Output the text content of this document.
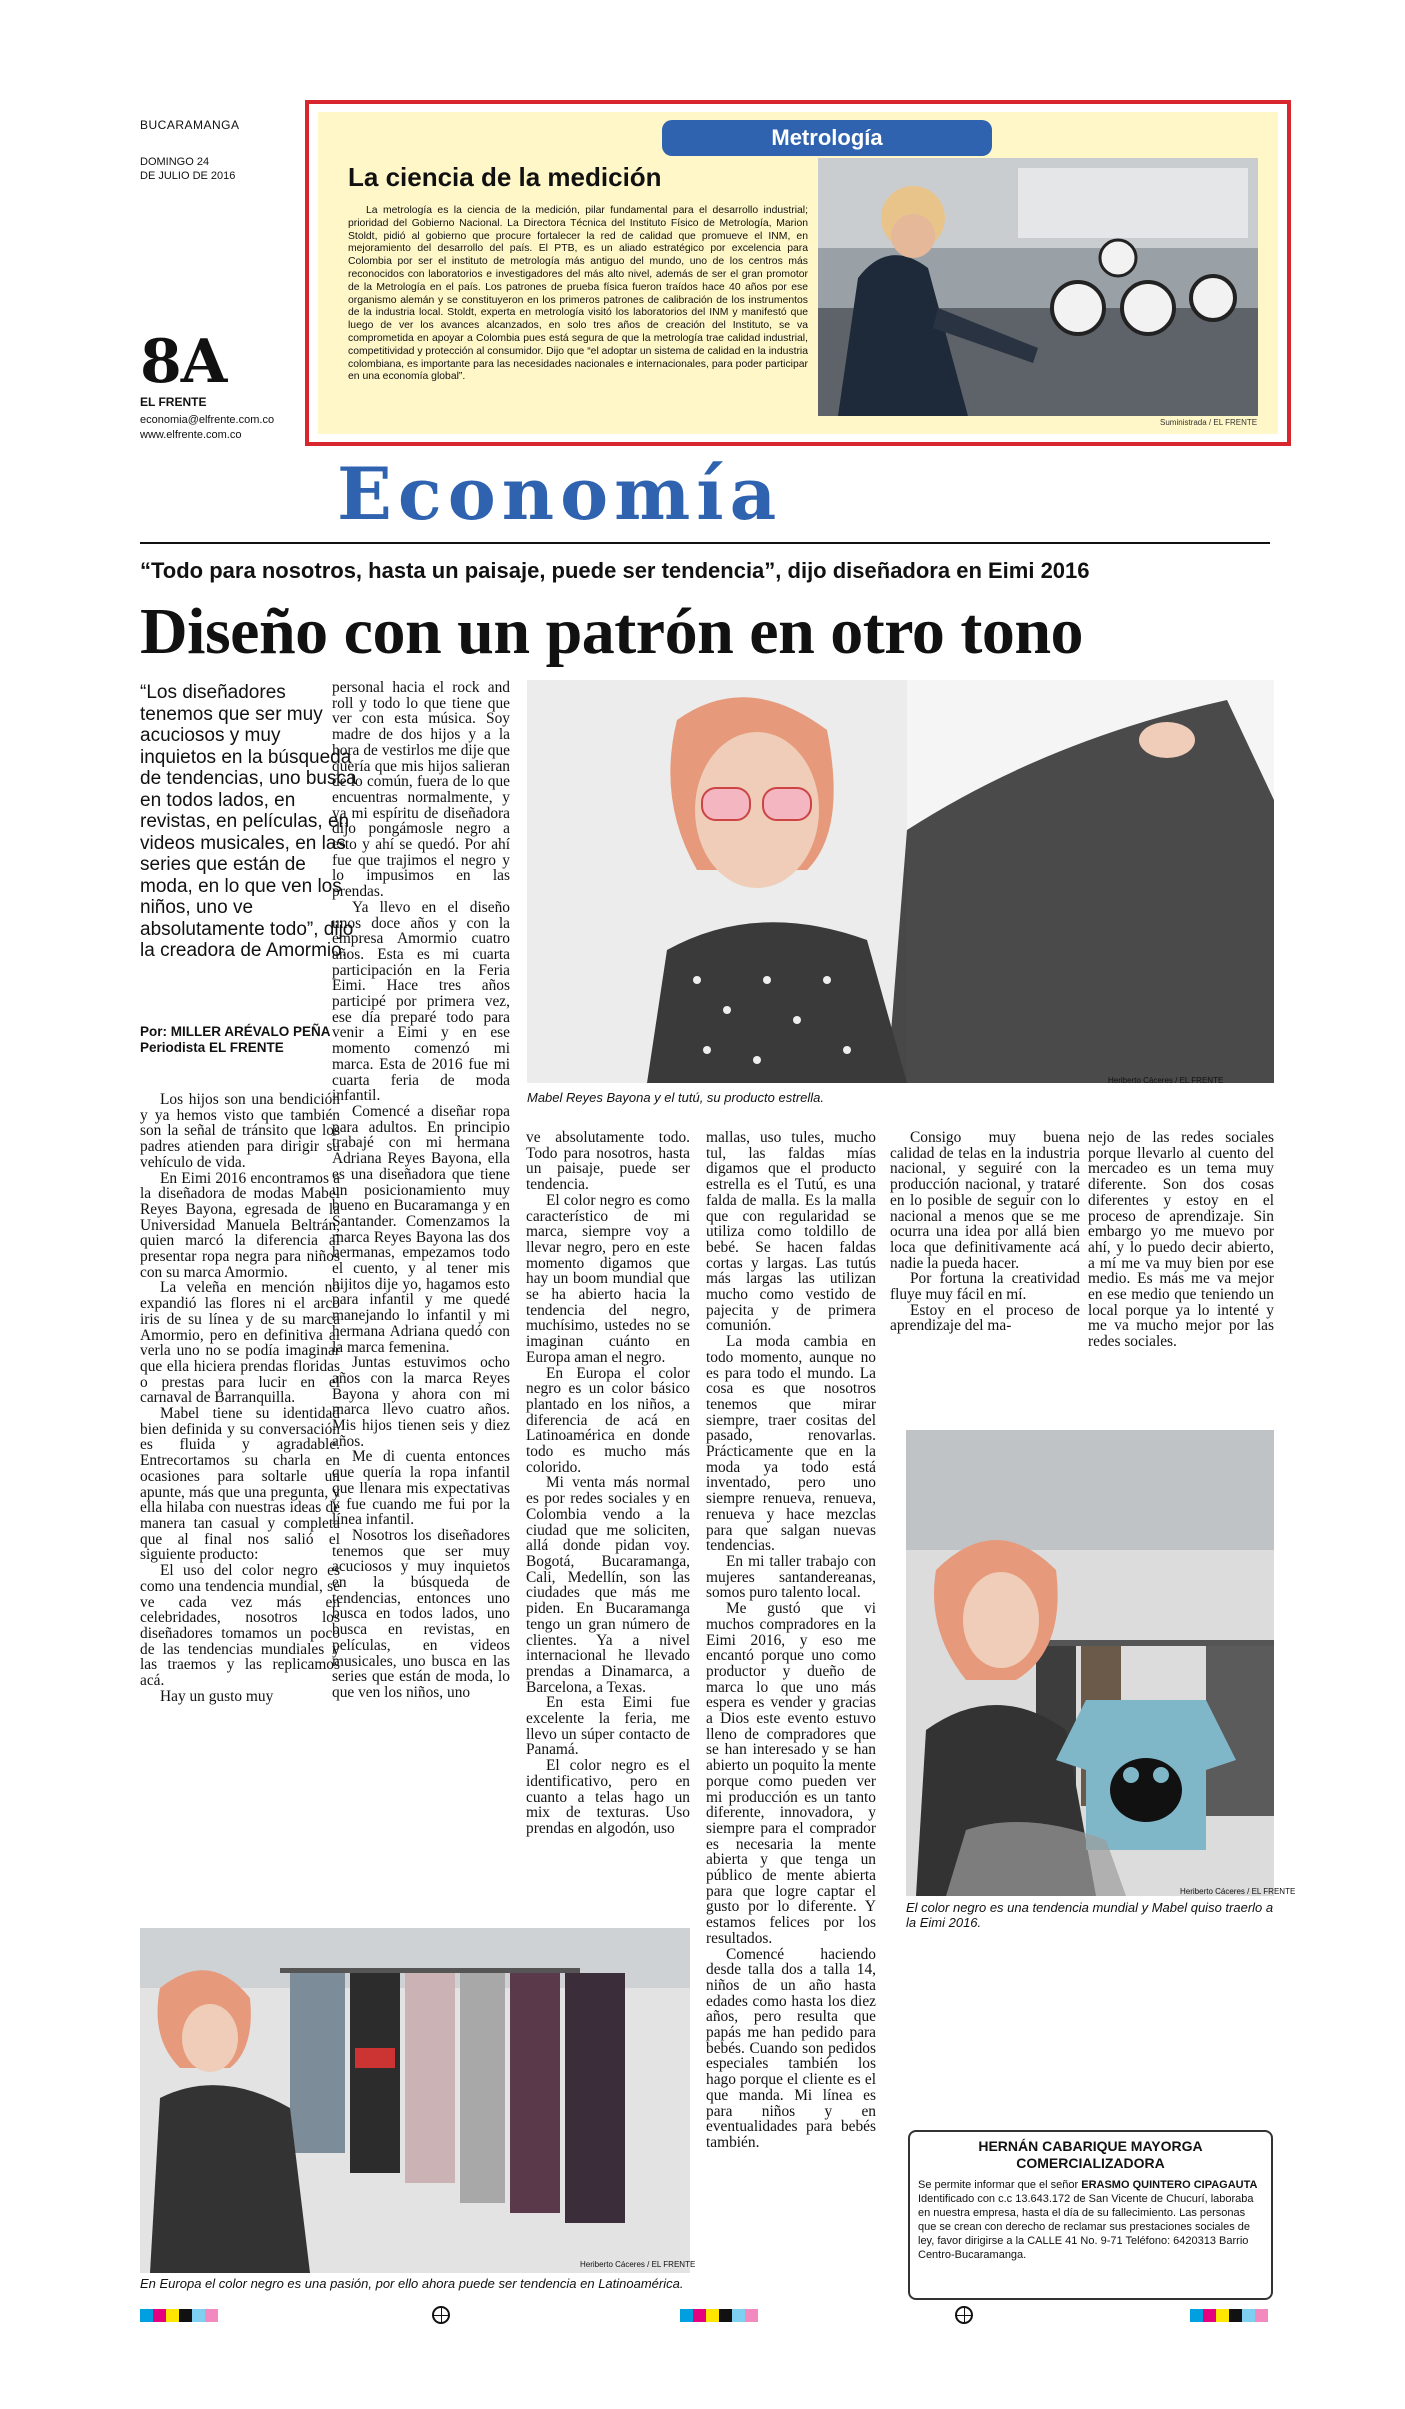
BUCARAMANGA
DOMINGO 24
DE JULIO DE 2016
8A
EL FRENTE
economia@elfrente.com.co
www.elfrente.com.co
Metrología
La ciencia de la medición
La metrología es la ciencia de la medición, pilar fundamental para el desarrollo industrial; prioridad del Gobierno Nacional. La Directora Técnica del Instituto Físico de Metrología, Marion Stoldt, pidió al gobierno que procure fortalecer la red de calidad que promueve el INM, en mejoramiento del desarrollo del país. El PTB, es un aliado estratégico por excelencia para Colombia por ser el instituto de metrología más antiguo del mundo, uno de los centros más reconocidos con laboratorios e investigadores del más alto nivel, además de ser el gran promotor de la Metrología en el país. Los patrones de prueba física fueron traídos hace 40 años por ese organismo alemán y se constituyeron en los primeros patrones de calibración de los instrumentos de la industria local. Stoldt, experta en metrología visitó los laboratorios del INM y manifestó que luego de ver los avances alcanzados, en solo tres años de creación del Instituto, se va comprometida en apoyar a Colombia pues está segura de que la metrología trae calidad industrial, competitividad y protección al consumidor. Dijo que “el adoptar un sistema de calidad en la industria colombiana, es importante para las necesidades nacionales e internacionales, para poder participar en una economía global”.
Suministrada / EL FRENTE
Economía
“Todo para nosotros, hasta un paisaje, puede ser tendencia”, dijo diseñadora en Eimi 2016
Diseño con un patrón en otro tono
“Los diseñadores tenemos que ser muy acuciosos y muy inquietos en la búsqueda de tendencias, uno busca en todos lados, en revistas, en películas, en videos musicales, en las series que están de moda, en lo que ven los niños, uno ve absolutamente todo”, dijo la creadora de Amormio.
Por: MILLER ARÉVALO PEÑA
Periodista EL FRENTE

Los hijos son una bendición y ya hemos visto que también son la señal de tránsito que los padres atienden para dirigir su vehículo de vida.

En Eimi 2016 encontramos a la diseñadora de modas Mabel Reyes Bayona, egresada de la Universidad Manuela Beltrán, quien marcó la diferencia al presentar ropa negra para niños con su marca Amormio.

La veleña en mención no expandió las flores ni el arco iris de su línea y de su marca Amormio, pero en definitiva al verla uno no se podía imaginar que ella hiciera prendas floridas o prestas para lucir en el carnaval de Barranquilla.

Mabel tiene su identidad bien definida y su conversación es fluida y agradable. Entrecortamos su charla en ocasiones para soltarle un apunte, más que una pregunta, y ella hilaba con nuestras ideas de manera tan casual y completa que al final nos salió el siguiente producto:

El uso del color negro es como una tendencia mundial, se ve cada vez más en celebridades, nosotros los diseñadores tomamos un poco de las tendencias mundiales y las traemos y las replicamos acá.

Hay un gusto muy

personal hacia el rock and roll y todo lo que tiene que ver con esta música. Soy madre de dos hijos y a la hora de vestirlos me dije que quería que mis hijos salieran de lo común, fuera de lo que encuentras normalmente, y ya mi espíritu de diseñadora dijo pongámosle negro a esto y ahí se quedó. Por ahí fue que trajimos el negro y lo impusimos en las prendas.

Ya llevo en el diseño unos doce años y con la empresa Amormio cuatro años. Esta es mi cuarta participación en la Feria Eimi. Hace tres años participé por primera vez, ese día preparé todo para venir a Eimi y en ese momento comenzó mi marca. Esta de 2016 fue mi cuarta feria de moda infantil.

Comencé a diseñar ropa para adultos. En principio trabajé con mi hermana Adriana Reyes Bayona, ella es una diseñadora que tiene un posicionamiento muy bueno en Bucaramanga y en Santander. Comenzamos la marca Reyes Bayona las dos hermanas, empezamos todo el cuento, y al tener mis hijitos dije yo, hagamos esto para infantil y me quedé manejando lo infantil y mi hermana Adriana quedó con la marca femenina.

Juntas estuvimos ocho años con la marca Reyes Bayona y ahora con mi marca llevo cuatro años. Mis hijos tienen seis y diez años.

Me di cuenta entonces que quería la ropa infantil que llenara mis expectativas y fue cuando me fui por la línea infantil.

Nosotros los diseñadores tenemos que ser muy acuciosos y muy inquietos en la búsqueda de tendencias, entonces uno busca en todos lados, uno busca en revistas, en películas, en videos musicales, uno busca en las series que están de moda, lo que ven los niños, uno

ve absolutamente todo. Todo para nosotros, hasta un paisaje, puede ser tendencia.

El color negro es como característico de mi marca, siempre voy a llevar negro, pero en este momento digamos que hay un boom mundial que se ha abierto hacia la tendencia del negro, muchísimo, ustedes no se imaginan cuánto en Europa aman el negro.

En Europa el color negro es un color básico plantado en los niños, a diferencia de acá en Latinoamérica en donde todo es mucho más colorido.

Mi venta más normal es por redes sociales y en Colombia vendo a la ciudad que me soliciten, allá donde pidan voy. Bogotá, Bucaramanga, Cali, Medellín, son las ciudades que más me piden. En Bucaramanga tengo un gran número de clientes. Ya a nivel internacional he llevado prendas a Dinamarca, a Barcelona, a Texas.

En esta Eimi fue excelente la feria, me llevo un súper contacto de Panamá.

El color negro es el identificativo, pero en cuanto a telas hago un mix de texturas. Uso prendas en algodón, uso

mallas, uso tules, mucho tul, las faldas mías digamos que el producto estrella es el Tutú, es una falda de malla. Es la malla que con regularidad se utiliza como toldillo de bebé. Se hacen faldas cortas y largas. Las tutús más largas las utilizan mucho como vestido de pajecita y de primera comunión.

La moda cambia en todo momento, aunque no es para todo el mundo. La cosa es que nosotros tenemos que mirar siempre, traer cositas del pasado, renovarlas. Prácticamente que en la moda ya todo está inventado, pero uno siempre renueva, renueva, renueva y hace mezclas para que salgan nuevas tendencias.

En mi taller trabajo con mujeres santandereanas, somos puro talento local.

Me gustó que vi muchos compradores en la Eimi 2016, y eso me encantó porque uno como productor y dueño de marca lo que uno más espera es vender y gracias a Dios este evento estuvo lleno de compradores que se han interesado y se han abierto un poquito la mente porque como pueden ver mi producción es un tanto diferente, innovadora, y siempre para el comprador es necesaria la mente abierta y que tenga un público de mente abierta para que logre captar el gusto por lo diferente. Y estamos felices por los resultados.

Comencé haciendo desde talla dos a talla 14, niños de un año hasta edades como hasta los diez años, pero resulta que papás me han pedido para bebés. Cuando son pedidos especiales también los hago porque el cliente es el que manda. Mi línea es para niños y en eventualidades para bebés también.

Consigo muy buena calidad de telas en la industria nacional, y seguiré con la producción nacional, y trataré en lo posible de seguir con lo nacional a menos que se me ocurra una idea por allá bien loca que definitivamente acá nadie la pueda hacer.

Por fortuna la creatividad fluye muy fácil en mí.

Estoy en el proceso de aprendizaje del ma-

nejo de las redes sociales porque llevarlo al cuento del mercadeo es un tema muy diferente. Son dos cosas diferentes y estoy en el proceso de aprendizaje. Sin embargo yo me muevo por ahí, y lo puedo decir abierto, a mí me va muy bien por ese medio. Es más me va mejor en ese medio que teniendo un local porque ya lo intenté y me va mucho mejor por las redes sociales.

Heriberto Cáceres / EL FRENTE
Mabel Reyes Bayona y el tutú, su producto estrella.
Heriberto Cáceres / EL FRENTE
El color negro es una tendencia mundial y Mabel quiso traerlo a la Eimi 2016.
Heriberto Cáceres / EL FRENTE
En Europa el color negro es una pasión, por ello ahora puede ser tendencia en Latinoamérica.
HERNÁN CABARIQUE MAYORGA
COMERCIALIZADORA
Se permite informar que el señor ERASMO QUINTERO CIPAGAUTA Identificado con c.c 13.643.172 de San Vicente de Chucurí, laboraba en nuestra empresa, hasta el día de su fallecimiento. Las personas que se crean con derecho de reclamar sus prestaciones sociales de ley, favor dirigirse a la CALLE 41 No. 9-71 Teléfono: 6420313 Barrio Centro-Bucaramanga.
